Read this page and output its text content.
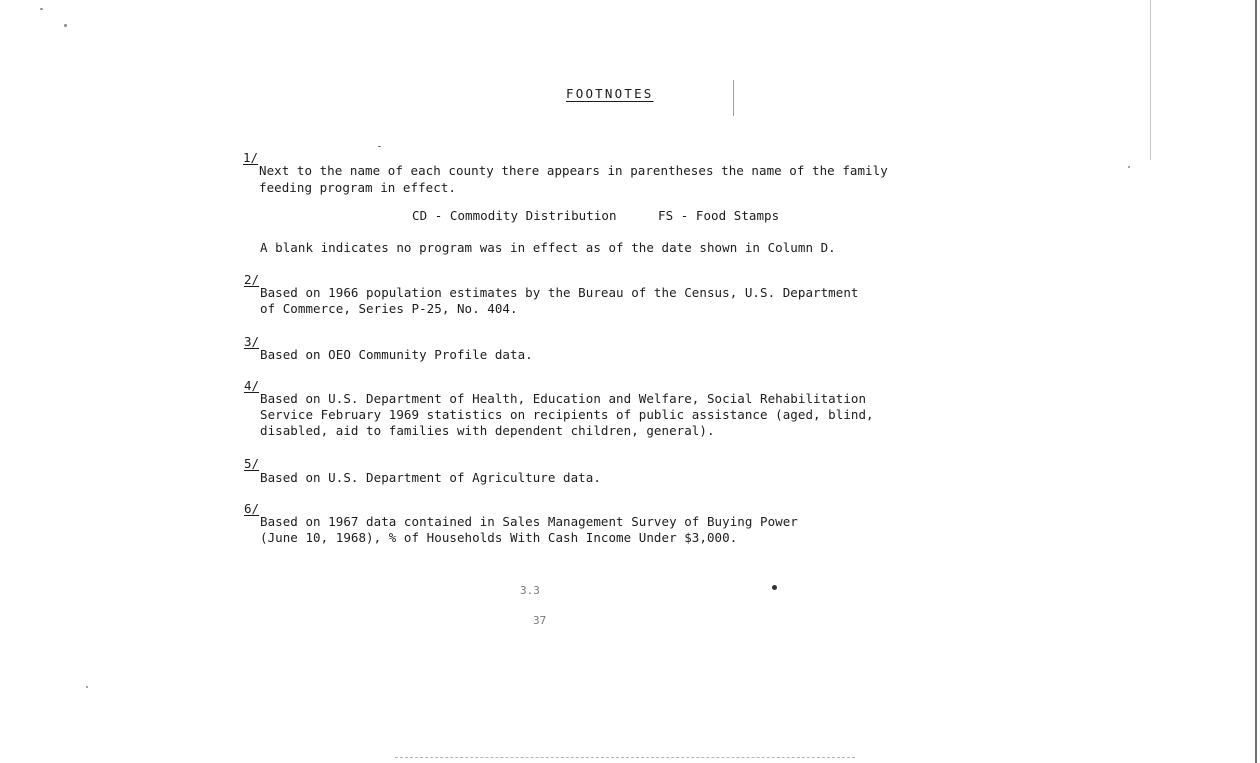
FOOTNOTES
1/
Next to the name of each county there appears in parentheses the name of the family
feeding program in effect.
CD - Commodity Distribution	FS - Food Stamps
A blank indicates no program was in effect as of the date shown in Column D.
2/
Based on 1966 population estimates by the Bureau of the Census, U.S. Department
of Commerce, Series P-25, No. 404.
3/
Based on OEO Community Profile data.
4/
Based on U.S. Department of Health, Education and Welfare, Social Rehabilitation
Service February 1969 statistics on recipients of public assistance (aged, blind,
disabled, aid to families with dependent children, general).
5/
Based on U.S. Department of Agriculture data.
6/
Based on 1967 data contained in Sales Management Survey of Buying Power
(June 10, 1968), % of Households With Cash Income Under $3,000.
3.3
37
